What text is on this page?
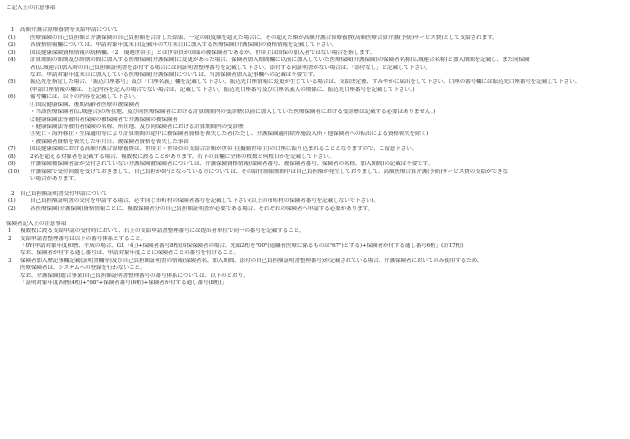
ご記入上の注意事項
1　高額介護合算療養費等支給申請について
(1)	医療保険の自己負担額と介護保険の自己負担額を合計した結果、一定の限度額を超えた場合に、その超えた額が高額介護合算療養費(高額医療合算介護(予防)サービス費)として支給されます。
(2)	各資格情報欄については、申請対象年度末日(記載年の7月末日)に加入する医療保険(介護保険)の資格情報を記載して下さい。
(3)	国民健康保険資格情報の続柄欄、「2　優遇世帯主」とは世帯員が国保の被保険者であるが、世帯主は国保の加入者ではない場合を指します。
(4)	計算期間の始期及び終期の間に加入する医療保険(介護保険)に変更があった場合、保険者加入期間欄に以前に加入していた医療保険(介護保険)の保険者名称(広域連合名称)と加入期間を記載し、また同保険
者(広域連合)加入時の自己負担額証明書を添付する場合には同証明書整理番号を記載して下さい。添付する同証明書がない場合は、「添付なし」と記載して下さい。
なお、申請対象年度末日に加入している医療保険(介護保険)については、当該保険者加入記事欄への記載は不要です。
(5)	振込先を指定した場合、「振込口座番号」及び「口座名義」欄を記載して下さい。振込先口座情報に変更が生じている場合は、支給決定後、すみやかに届出をして下さい。口座の番号欄には振込先口座番号を記載して下さい。
(申請口座情報の欄は、上記内容を記入の場合でない場合は、記載して下さい。振込先口座番号及び口座名義人の関係に、振込先口座番号を記載して下さい。)
(6)	備考欄には、以下の内容を記載して下さい。
①国民健康保険、後期高齢者医療の被保険者
・当該医療保険者(広域連合)の所在地、及び同医療保険者における計算期間内の受診歴(以前に加入していた医療保険者における受診歴は記載する必要はありません。)
②健康保険法等被用者保険の被保険者で介護保険の被保険者
・健康保険法等被用者保険の名称、所在地、及び同保険者における計算期間内の受診歴
③死亡・海外移住・生保適用等により計算期間の途中に被保険者資格を喪失した者(ただし、介護保険適用除外施設入所・他保険者への転出による資格喪失を除く)
・被保険者資格を喪失した年月日、被保険者資格を喪失した事由
(7)	国民健康保険における高額介護合算療養費は、世帯主・世帯員の支給合計額が世帯主(擬制世帯主)の口座に振り込まれることとなりますので、ご留意下さい。
(8)	2名を超える対象者を記載する場合、複数枚に渡ることがあります。右下の頁欄に全体の枚数と何枚目かを記載して下さい。
(9)	介護保険被保険者証が交付されていない介護保険被保険者については、介護保険資格情報(保険者番号、被保険者番号、保険者の名称、加入期間)の記載は不要です。
(10) 介護保険で受付回数を受けておきまして、自己負担が0円となっている方については、その給付制限期間中は自己負担額が発生しておりまして、高額医療合算介護(予防)サービス費の支給ができな
い場合があります。
2　自己負担額証明書交付申請について
(1)	自己負担額証明書の交付を申請する場合、必ず同じ市町村の保険者番号を記載して下さい(以上の市町村の保険者番号を記載しないで下さい)。
(2)	各医療保険(介護保険)資格情報ごとに、複数保険者分の自己負担額証明書が必要である場合、それぞれの保険者へ申請する必要があります。
保険者記入上の注意事項
1 複数枚に渡る支給申請の受付時において、右上の支給申請書整理番号には提出者単位で同一の番号を記載すること。
2 支給申請書整理番号は以下の番号体系とすること。
「0Y(申請対象年度和暦、平成の場合、G1「4」)+保険者番号8桁(国保保険者の場合、先頭2桁を"00"(退職者医療に係るものは"67")とする)+保険者が付する通し番号6桁」(計17桁)
なお、保険者が付する通し番号は、申請対象年度ごとに保険者ごとの番号を付けること。
3 保険者加入歴記事欄記載(証明書欄等)及び自己負担額証明書の情報(保険者名、加入期間、添付の自己負担額証明書整理番号)が記載されている場合、介護保険者においてのみ使用するため、
医療保険者は、システムへの登録を行わないこと。
なお、介護保険(総合事業)自己負担額証明書整理番号の番号体系については、以下のとおり。
「証明対象年度西暦(4桁)+"98"+保険者番号(6桁)+保険者が付する通し番号(8桁)」
